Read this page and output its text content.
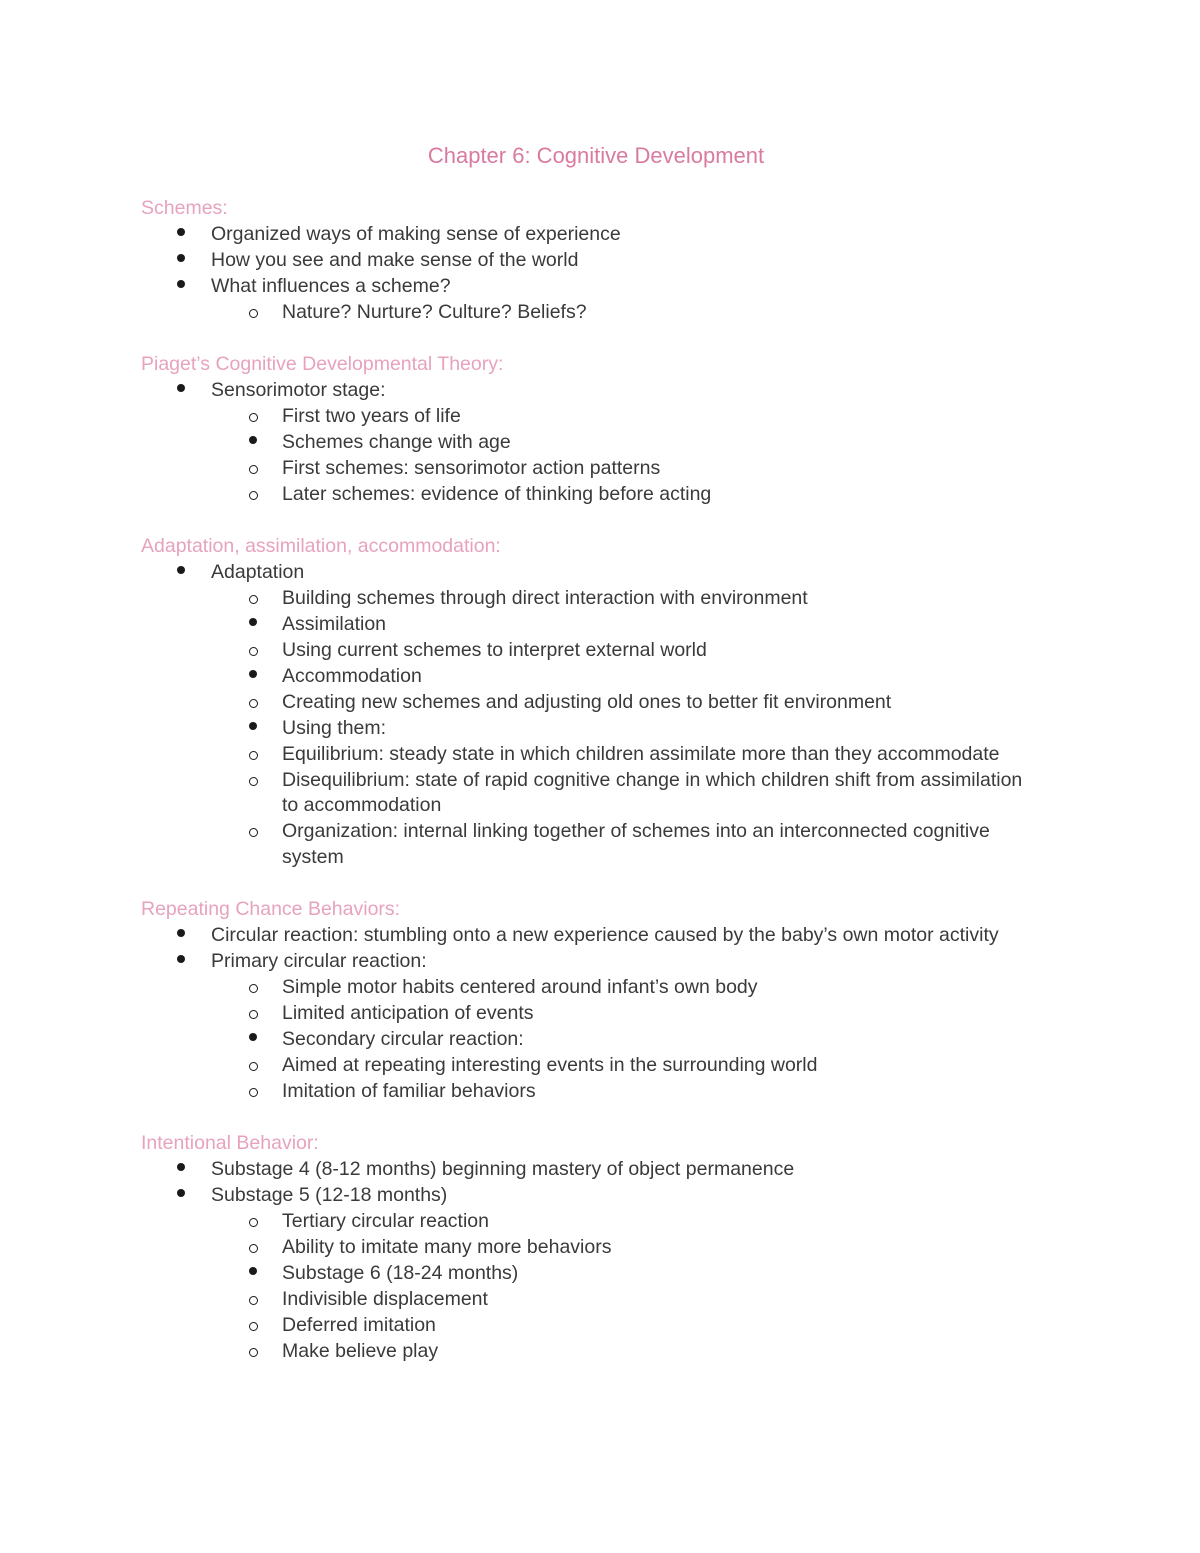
Chapter 6: Cognitive Development
Schemes:
Organized ways of making sense of experience
How you see and make sense of the world
What influences a scheme?
Nature? Nurture? Culture? Beliefs?
Piaget’s Cognitive Developmental Theory:
Sensorimotor stage:
First two years of life
Schemes change with age
First schemes: sensorimotor action patterns
Later schemes: evidence of thinking before acting
Adaptation, assimilation, accommodation:
Adaptation
Building schemes through direct interaction with environment
Assimilation
Using current schemes to interpret external world
Accommodation
Creating new schemes and adjusting old ones to better fit environment
Using them:
Equilibrium: steady state in which children assimilate more than they accommodate
Disequilibrium: state of rapid cognitive change in which children shift from assimilation to accommodation
Organization: internal linking together of schemes into an interconnected cognitive system
Repeating Chance Behaviors:
Circular reaction: stumbling onto a new experience caused by the baby’s own motor activity
Primary circular reaction:
Simple motor habits centered around infant’s own body
Limited anticipation of events
Secondary circular reaction:
Aimed at repeating interesting events in the surrounding world
Imitation of familiar behaviors
Intentional Behavior:
Substage 4 (8-12 months) beginning mastery of object permanence
Substage 5 (12-18 months)
Tertiary circular reaction
Ability to imitate many more behaviors
Substage 6 (18-24 months)
Indivisible displacement
Deferred imitation
Make believe play
